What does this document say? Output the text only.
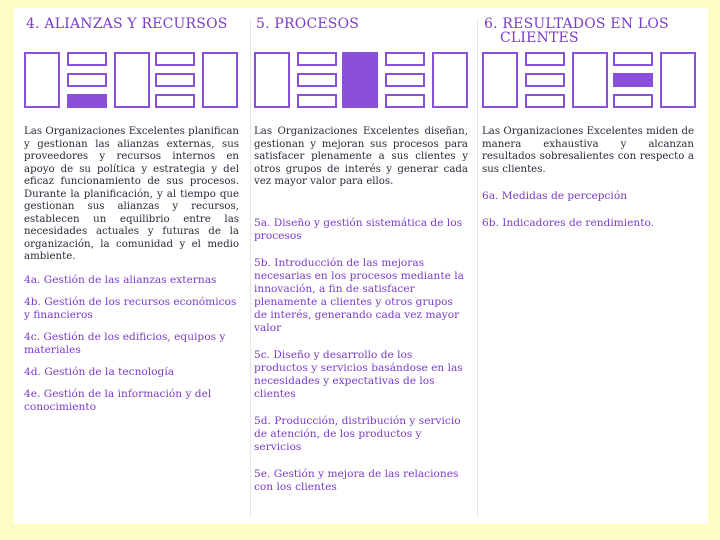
4. ALIANZAS Y RECURSOS
Las Organizaciones Excelentes planifican y gestionan las alianzas externas, sus proveedores y recursos internos en apoyo de su política y estrategia y del eficaz funcionamiento de sus procesos. Durante la planificación, y al tiempo que gestionan sus alianzas y recursos, establecen un equilibrio entre las necesidades actuales y futuras de la organización, la comunidad y el medio ambiente.
4a. Gestión de las alianzas externas
4b. Gestión de los recursos económicos y financieros
4c. Gestión de los edificios, equipos y materiales
4d. Gestión de la tecnología
4e. Gestión de la información y del conocimiento
5. PROCESOS
Las Organizaciones Excelentes diseñan, gestionan y mejoran sus procesos para satisfacer plenamente a sus clientes y otros grupos de interés y generar cada vez mayor valor para ellos.
5a. Diseño y gestión sistemática de los procesos
5b. Introducción de las mejoras necesarias en los procesos mediante la innovación, a fin de satisfacer plenamente a clientes y otros grupos de interés, generando cada vez mayor valor
5c. Diseño y desarrollo de los productos y servicios basándose en las necesidades y expectativas de los clientes
5d. Producción, distribución y servicio de atención, de los productos y servicios
5e. Gestión y mejora de las relaciones con los clientes
6. RESULTADOS EN LOS
CLIENTES
Las Organizaciones Excelentes miden de manera exhaustiva y alcanzan resultados sobresalientes con respecto a sus clientes.
6a. Medidas de percepción
6b. Indicadores de rendimiento.
